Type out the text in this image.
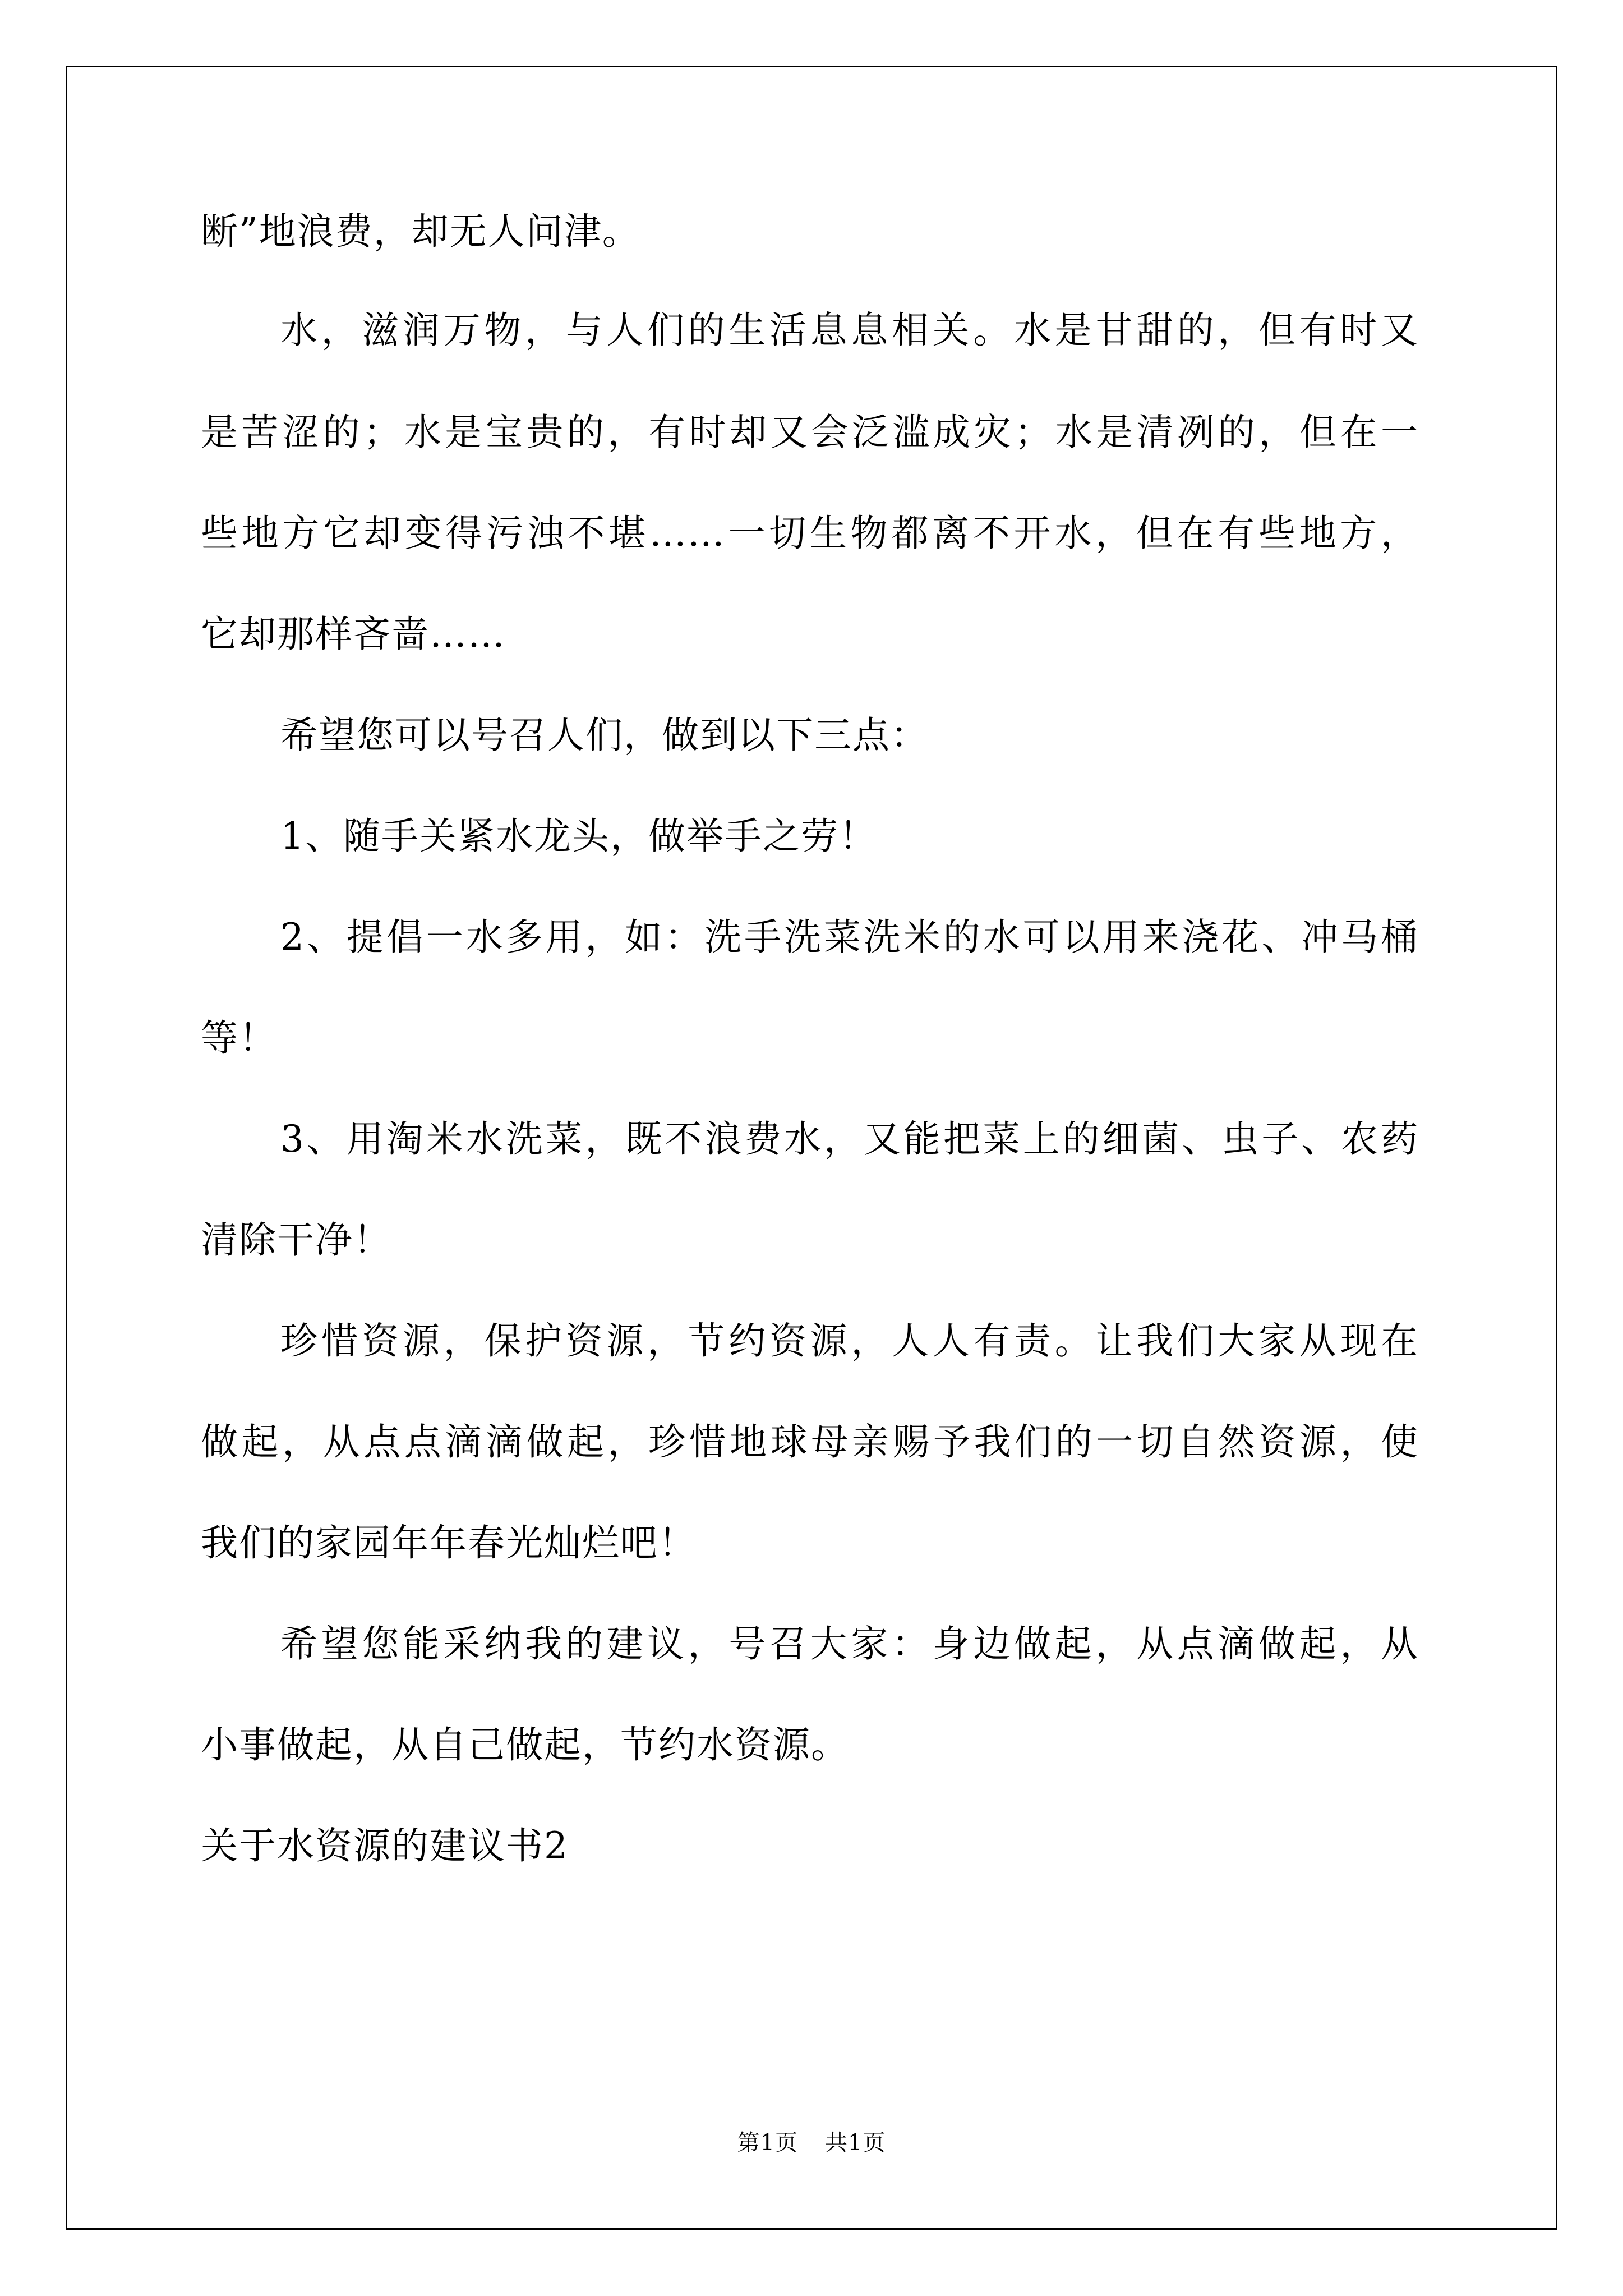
断”地浪费，却无人问津。
水，滋润万物，与人们的生活息息相关。水是甘甜的，但有时又
是苦涩的；水是宝贵的，有时却又会泛滥成灾；水是清冽的，但在一
些地方它却变得污浊不堪……一切生物都离不开水，但在有些地方，
它却那样吝啬……
希望您可以号召人们，做到以下三点：
1、随手关紧水龙头，做举手之劳！
2、提倡一水多用，如：洗手洗菜洗米的水可以用来浇花、冲马桶
等！
3、用淘米水洗菜，既不浪费水，又能把菜上的细菌、虫子、农药
清除干净！
珍惜资源，保护资源，节约资源，人人有责。让我们大家从现在
做起，从点点滴滴做起，珍惜地球母亲赐予我们的一切自然资源，使
我们的家园年年春光灿烂吧！
希望您能采纳我的建议，号召大家：身边做起，从点滴做起，从
小事做起，从自己做起，节约水资源。
关于水资源的建议书2
第1页 共1页
